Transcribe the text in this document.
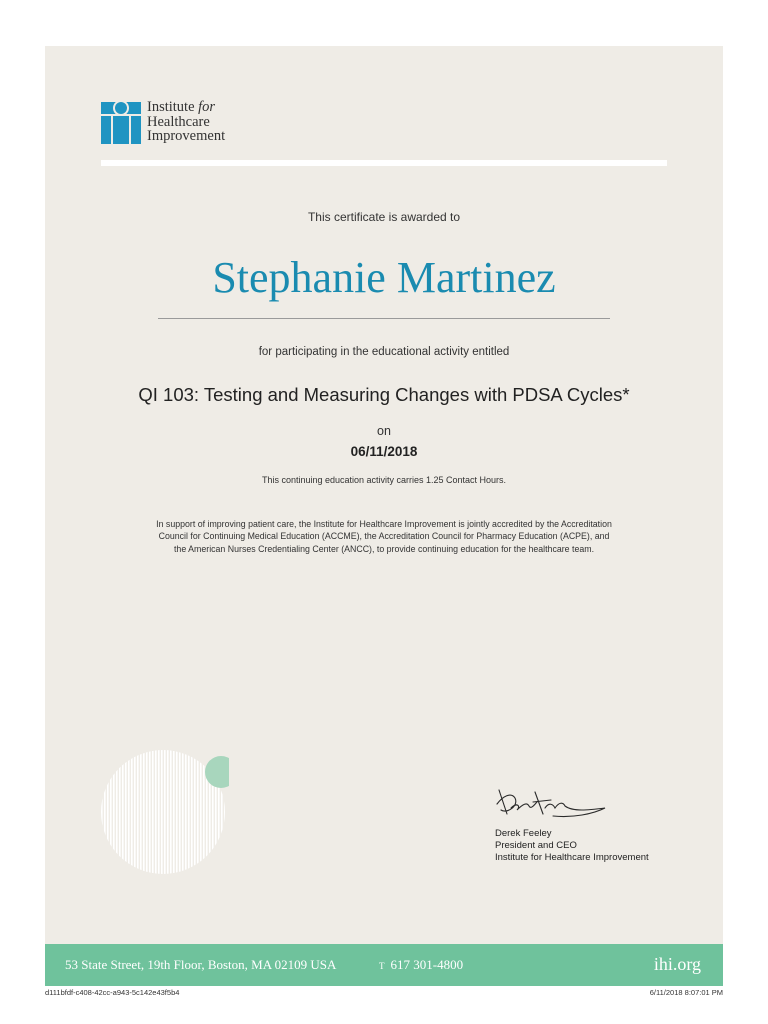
Institute for
Healthcare
Improvement
This certificate is awarded to
Stephanie Martinez
for participating in the educational activity entitled
QI 103: Testing and Measuring Changes with PDSA Cycles*
on
06/11/2018
This continuing education activity carries 1.25 Contact Hours.
In support of improving patient care, the Institute for Healthcare Improvement is jointly accredited by the Accreditation Council for Continuing Medical Education (ACCME), the Accreditation Council for Pharmacy Education (ACPE), and the American Nurses Credentialing Center (ANCC), to provide continuing education for the healthcare team.
Derek Feeley
President and CEO
Institute for Healthcare Improvement
53 State Street, 19th Floor, Boston, MA 02109 USA	T 617 301-4800	ihi.org
d111bfdf-c408-42cc-a943-5c142e43f5b4	6/11/2018 8:07:01 PM
